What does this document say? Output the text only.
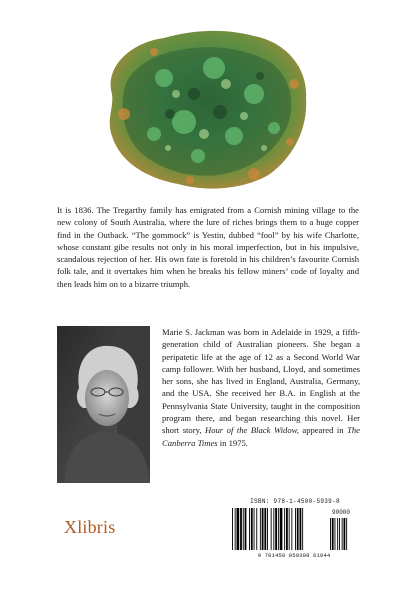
It is 1836. The Tregarthy family has emigrated from a Cornish mining village to the new colony of South Australia, where the lure of riches brings them to a huge copper find in the Outback. “The gommock” is Yestin, dubbed “fool” by his wife Charlotte, whose constant gibe results not only in his moral imperfection, but in his impulsive, scandalous rejection of her. His own fate is foretold in his children’s favourite Cornish folk tale, and it overtakes him when he breaks his fellow miners’ code of loyalty and then leads him on to a bizarre triumph.

Marie S. Jackman was born in Adelaide in 1929, a fifth-generation child of Australian pioneers. She began a peripatetic life at the age of 12 as a Second World War camp follower. With her husband, Lloyd, and sometimes her sons, she has lived in England, Australia, Germany, and the USA. She received her B.A. in English at the Pennsylvania State University, taught in the composition program there, and began researching this novel. Her short story, Hour of the Black Widow, appeared in The Canberra Times in 1975.

Xlibris
ISBN: 978-1-4500-5939-8
90000
9 781450 059398 61944
